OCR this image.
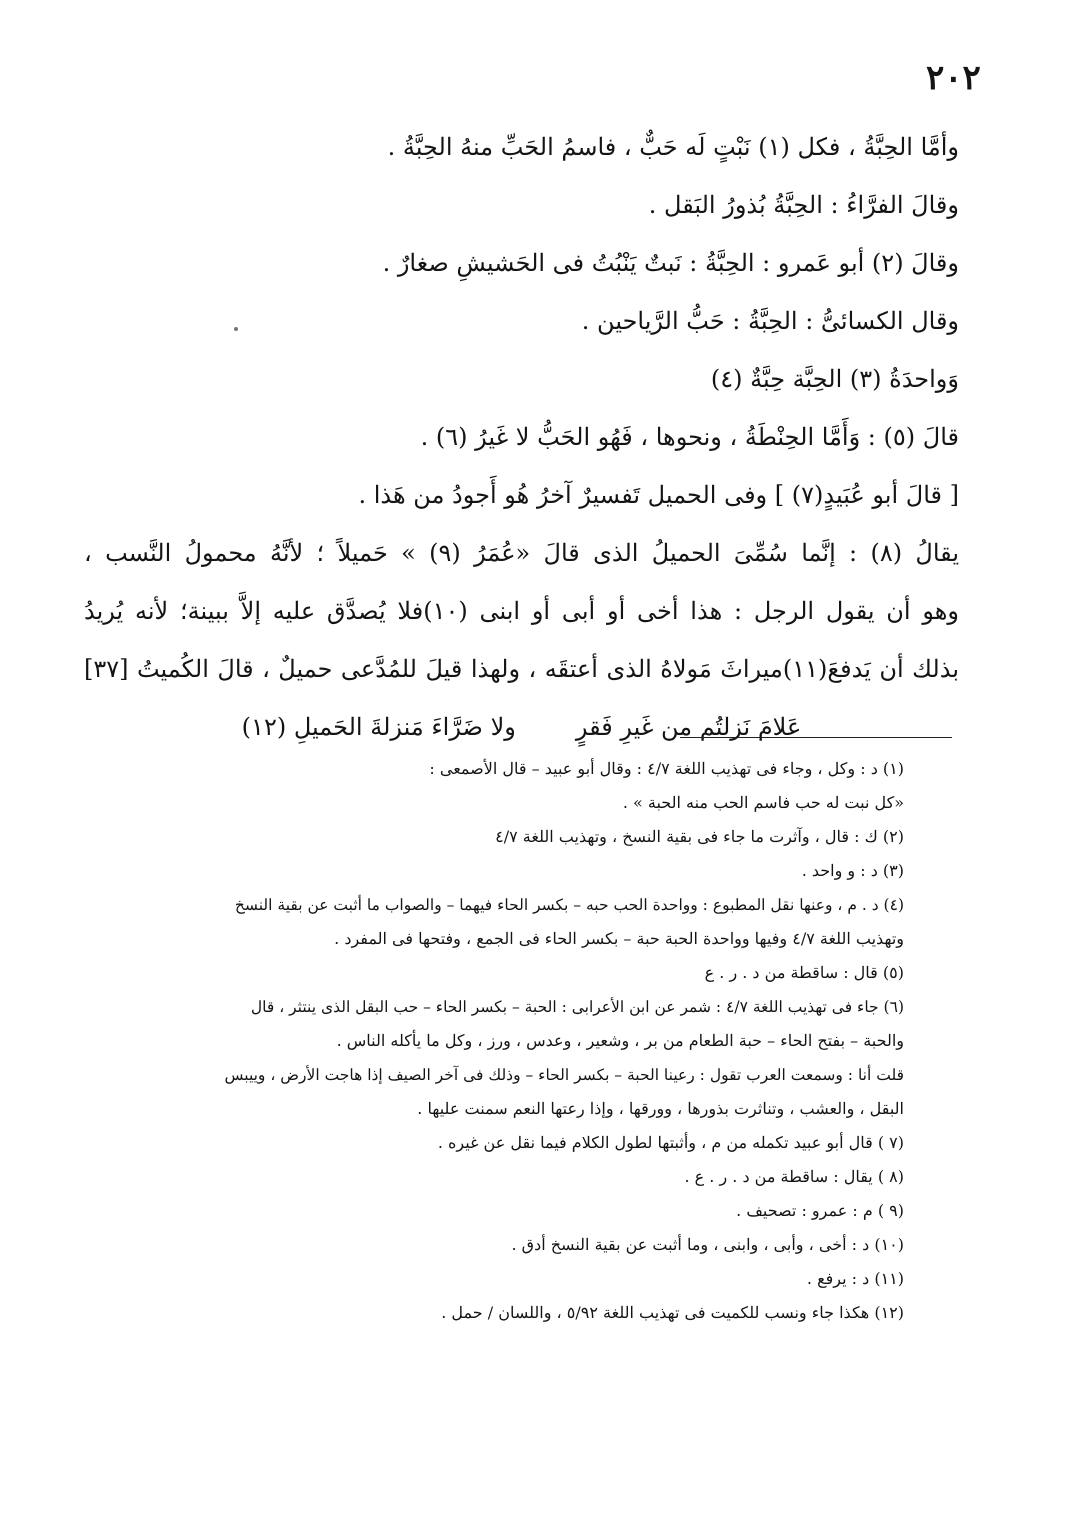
٢٠٢
وأمَّا الحِبَّةُ ، فكل (١) نَبْتٍ لَه حَبٌّ ، فاسمُ الحَبِّ منهُ الحِبَّةُ .
وقالَ الفرَّاءُ : الحِبَّةُ بُذورُ البَقل .
وقالَ (٢) أبو عَمرو : الحِبَّةُ : نَبتٌ يَنْبُتُ فى الحَشيشِ صغارٌ .
وقال الكسائىُّ : الحِبَّةُ : حَبُّ الرَّياحين .
وَواحدَةُ (٣) الحِبَّة حِبَّةٌ (٤)
قالَ (٥) : وَأَمَّا الحِنْطَةُ ، ونحوها ، فَهُو الحَبُّ لا غَيرُ (٦) .
[ قالَ أبو عُبَيدٍ(٧) ] وفى الحميل تَفسيرٌ آخرُ هُو أَجودُ من هَذا .
يقالُ (٨) : إنَّما سُمِّىَ الحميلُ الذى قالَ «عُمَرُ (٩) » حَميلاً ؛ لأنَّهُ محمولُ النَّسب ،
وهو أن يقول الرجل : هذا أخى أو أبى أو ابنى (١٠)فلا يُصدَّق عليه إلاَّ ببينة؛ لأنه يُريدُ
بذلك أن يَدفعَ(١١)ميراثَ مَولاهُ الذى أعتقَه ، ولهذا قيلَ للمُدَّعى حميلٌ ، قالَ الكُميتُ [٣٧]
عَلامَ نَزلتُم من غَيرِ فَقرٍ
ولا ضَرَّاءَ مَنزلةَ الحَميلِ (١٢)
(١) د : وكل ، وجاء فى تهذيب اللغة ٤/٧ : وقال أبو عبيد – قال الأصمعى :
«كل نبت له حب فاسم الحب منه الحبة » .
(٢) ك : قال ، وآثرت ما جاء فى بقية النسخ ، وتهذيب اللغة ٤/٧
(٣) د : و واحد .
(٤) د . م ، وعنها نقل المطبوع : وواحدة الحب حبه – بكسر الحاء فيهما – والصواب ما أثبت عن بقية النسخ
وتهذيب اللغة ٤/٧ وفيها وواحدة الحبة حبة – بكسر الحاء فى الجمع ، وفتحها فى المفرد .
(٥) قال : ساقطة من د . ر . ع
(٦) جاء فى تهذيب اللغة ٤/٧ : شمر عن ابن الأعرابى : الحبة – بكسر الحاء – حب البقل الذى ينتثر ، قال
والحبة – بفتح الحاء – حبة الطعام من بر ، وشعير ، وعدس ، ورز ، وكل ما يأكله الناس .
قلت أنا : وسمعت العرب تقول : رعينا الحبة – بكسر الحاء – وذلك فى آخر الصيف إذا هاجت الأرض ، وييبس
البقل ، والعشب ، وتناثرت بذورها ، وورقها ، وإذا رعتها النعم سمنت عليها .
(٧ ) قال أبو عبيد تكمله من م ، وأثبتها لطول الكلام فيما نقل عن غيره .
(٨ ) يقال : ساقطة من د . ر . ع .
(٩ ) م : عمرو : تصحيف .
(١٠) د : أخى ، وأبى ، وابنى ، وما أثبت عن بقية النسخ أدق .
(١١) د : يرفع .
(١٢) هكذا جاء ونسب للكميت فى تهذيب اللغة ٥/٩٢ ، واللسان / حمل .
